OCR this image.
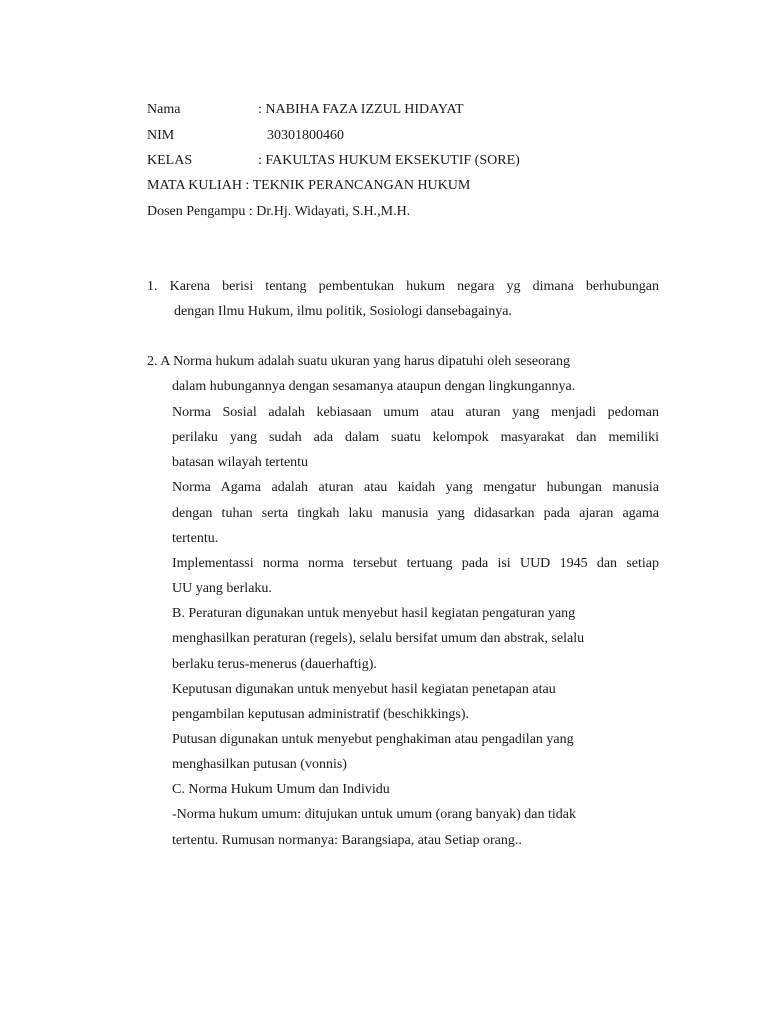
Nama	: NABIHA FAZA IZZUL HIDAYAT
NIM	30301800460
KELAS	: FAKULTAS HUKUM EKSEKUTIF (SORE)
MATA KULIAH : TEKNIK PERANCANGAN HUKUM
Dosen Pengampu : Dr.Hj. Widayati, S.H.,M.H.
1. Karena berisi tentang pembentukan hukum negara yg dimana berhubungan
dengan Ilmu Hukum, ilmu politik, Sosiologi dansebagainya.
2. A Norma hukum adalah suatu ukuran yang harus dipatuhi oleh seseorang
dalam hubungannya dengan sesamanya ataupun dengan lingkungannya.
Norma Sosial adalah kebiasaan umum atau aturan yang menjadi pedoman
perilaku yang sudah ada dalam suatu kelompok masyarakat dan memiliki
batasan wilayah tertentu
Norma Agama adalah aturan atau kaidah yang mengatur hubungan manusia
dengan tuhan serta tingkah laku manusia yang didasarkan pada ajaran agama
tertentu.
Implementassi norma norma tersebut tertuang pada isi UUD 1945 dan setiap
UU yang berlaku.
B. Peraturan digunakan untuk menyebut hasil kegiatan pengaturan yang
menghasilkan peraturan (regels), selalu bersifat umum dan abstrak, selalu
berlaku terus-menerus (dauerhaftig).
Keputusan digunakan untuk menyebut hasil kegiatan penetapan atau
pengambilan keputusan administratif (beschikkings).
Putusan digunakan untuk menyebut penghakiman atau pengadilan yang
menghasilkan putusan (vonnis)
C. Norma Hukum Umum dan Individu
-Norma hukum umum: ditujukan untuk umum (orang banyak) dan tidak
tertentu. Rumusan normanya: Barangsiapa, atau Setiap orang..
